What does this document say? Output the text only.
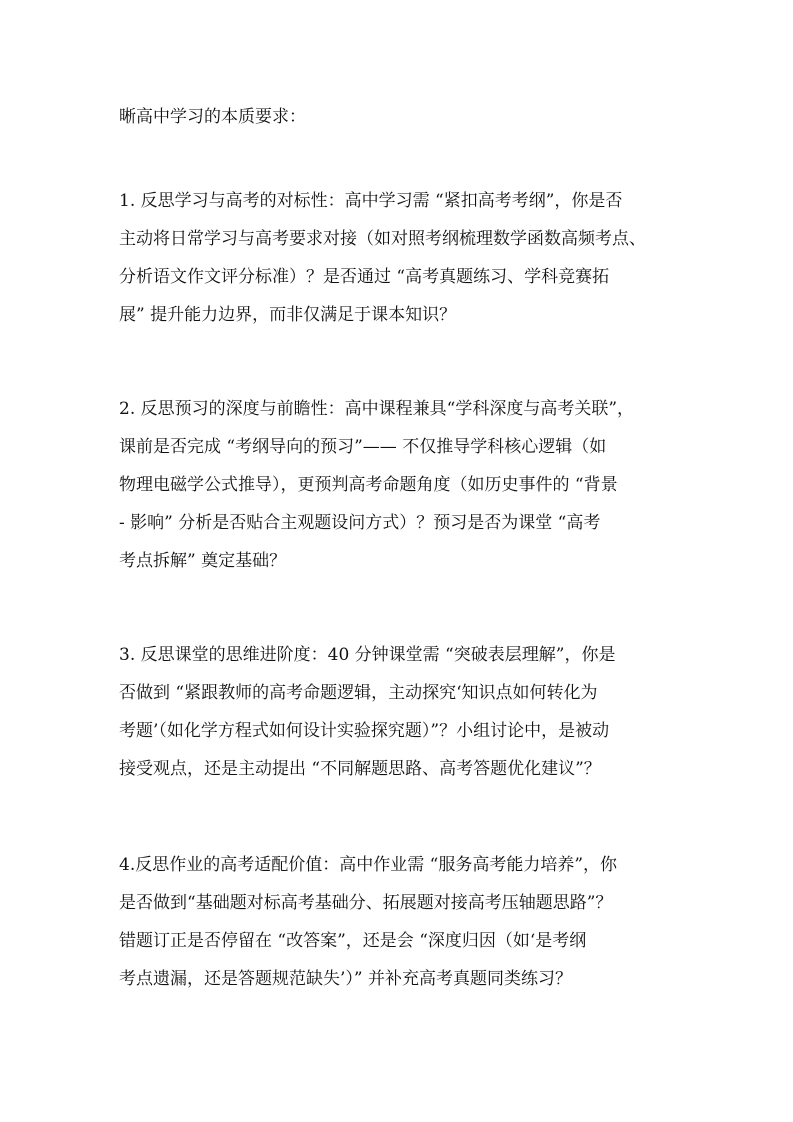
晰高中学习的本质要求：

1. 反思学习与高考的对标性：高中学习需 “紧扣高考考纲”，你是否
主动将日常学习与高考要求对接（如对照考纲梳理数学函数高频考点、
分析语文作文评分标准）？是否通过 “高考真题练习、学科竞赛拓
展” 提升能力边界，而非仅满足于课本知识？
2. 反思预习的深度与前瞻性：高中课程兼具“学科深度与高考关联”，
课前是否完成 “考纲导向的预习”—— 不仅推导学科核心逻辑（如
物理电磁学公式推导），更预判高考命题角度（如历史事件的 “背景
- 影响” 分析是否贴合主观题设问方式）？预习是否为课堂 “高考
考点拆解” 奠定基础？
3. 反思课堂的思维进阶度：40 分钟课堂需 “突破表层理解”，你是
否做到 “紧跟教师的高考命题逻辑，主动探究‘知识点如何转化为
考题’（如化学方程式如何设计实验探究题）”？小组讨论中，是被动
接受观点，还是主动提出 “不同解题思路、高考答题优化建议”？
4.反思作业的高考适配价值：高中作业需 “服务高考能力培养”，你
是否做到“基础题对标高考基础分、拓展题对接高考压轴题思路”？
错题订正是否停留在 “改答案”，还是会 “深度归因（如‘是考纲
考点遗漏，还是答题规范缺失’）” 并补充高考真题同类练习？
